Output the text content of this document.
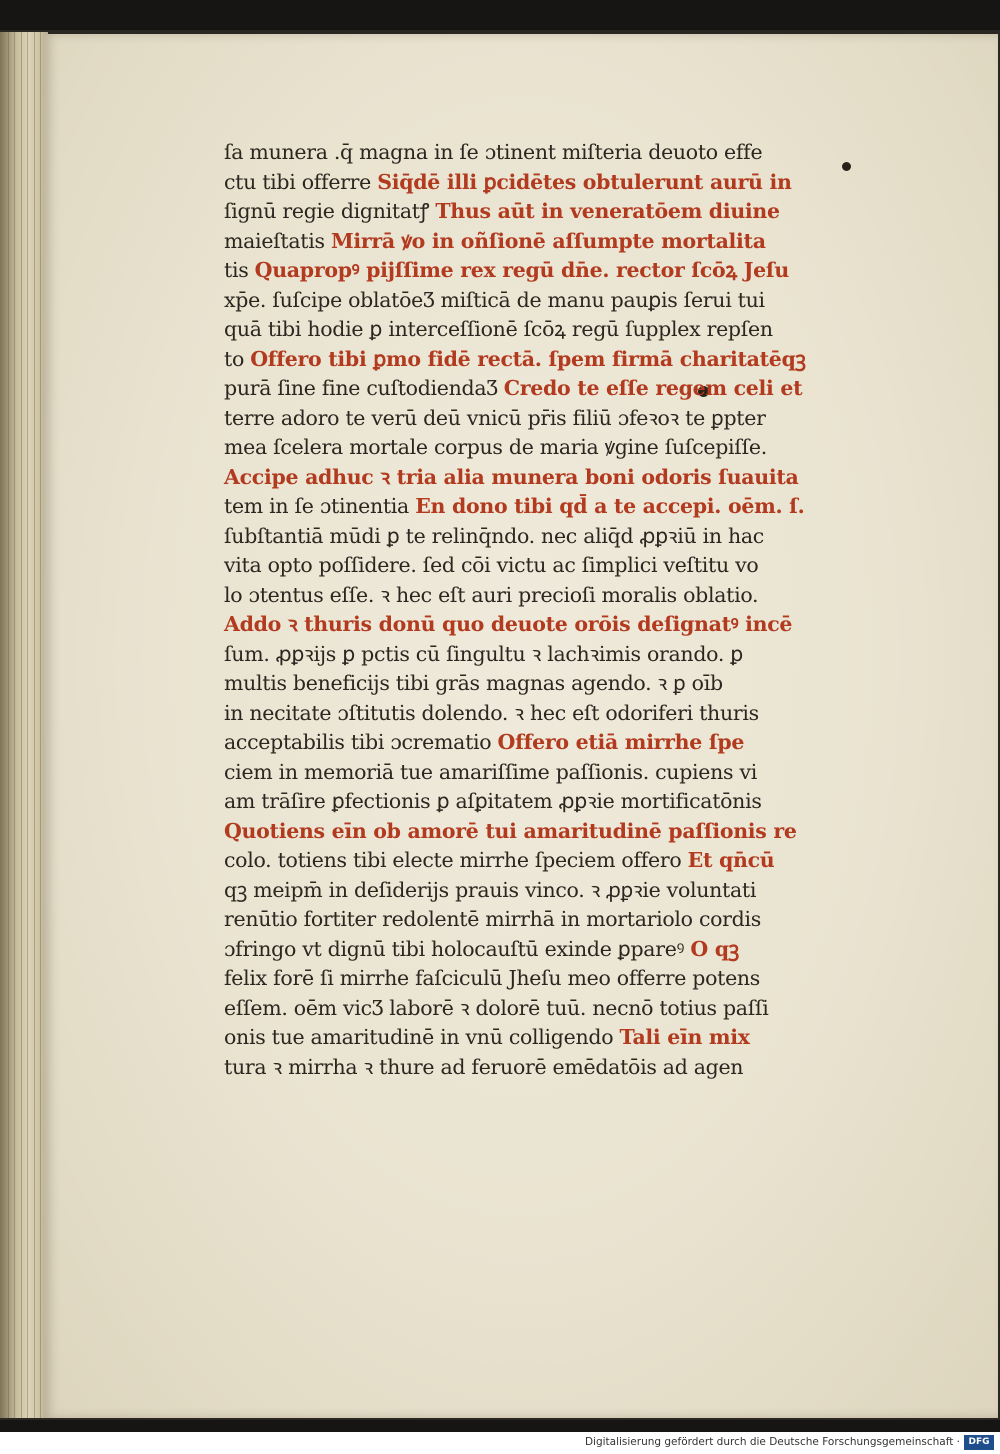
ſa munera .q̄ magna in ſe ɔtinent miſteria deuoto effe
ctu tibi offerre Siq̄dē illi ꝑcidētes obtulerunt aurū in
ſignū regie dignitatꝭ Thus aūt in veneratōem diuine
maieſtatis Mirrā ꝟo in oñſionē aſſumpte mortalita
tis Quapropꝰ pijſſime rex regū dn̄e. rector ſcōꝝ Jeſu
xp̄e. ſuſcipe oblatōeƷ miſticā de manu pauꝑis ſerui tui
quā tibi hodie ꝑ interceſſionē ſcōꝝ regū ſupplex repſen
to Offero tibi ꝑmo fidē rectā. ſpem firmā charitatēqꝫ
purā ſine fine cuſtodiendaƷ Credo te eſſe regem celi et
terre adoro te verū deū vnicū pr̄is filiū ɔfeꝛoꝛ te ꝑpter
mea ſcelera mortale corpus de maria ꝟgine ſuſcepiſſe.
Accipe adhuc ꝛ tria alia munera boni odoris ſuauita
tem in ſe ɔtinentia En dono tibi qd̄ a te accepi. oēm. ſ.
ſubſtantiā mūdi ꝑ te relinq̄ndo. nec aliq̄d ꝓꝑꝛiū in hac
vita opto poſſidere. ſed cōi victu ac ſimplici veſtitu vo
lo ɔtentus eſſe. ꝛ hec eſt auri precioſi moralis oblatio.
Addo ꝛ thuris donū quo deuote orōis deſignatꝰ incē
ſum. ꝓꝑꝛijs ꝑ pctis cū ſingultu ꝛ lachꝛimis orando. ꝑ
multis beneficijs tibi grās magnas agendo. ꝛ ꝑ oīb
in necitate ɔſtitutis dolendo. ꝛ hec eſt odoriferi thuris
acceptabilis tibi ɔcrematio Offero etiā mirrhe ſpe
ciem in memoriā tue amariſſime paſſionis. cupiens vi
am trāſire ꝑfectionis ꝑ aſꝑitatem ꝓꝑꝛie mortificatōnis
Quotiens eīn ob amorē tui amaritudinē paſſionis re
colo. totiens tibi electe mirrhe ſpeciem offero Et qn̄cū
qꝫ meipm̄ in deſiderijs prauis vinco. ꝛ ꝓꝑꝛie voluntati
renūtio fortiter redolentē mirrhā in mortariolo cordis
ɔfringo vt dignū tibi holocauſtū exinde ꝑpareꝰ O qꝫ
felix forē ſi mirrhe faſciculū Jheſu meo offerre potens
eſſem. oēm vicƷ laborē ꝛ dolorē tuū. necnō totius paſſi
onis tue amaritudinē in vnū colligendo Tali eīn mix
tura ꝛ mirrha ꝛ thure ad feruorē emēdatōis ad agen
Digitalisierung gefördert durch die Deutsche Forschungsgemeinschaft · DFG
